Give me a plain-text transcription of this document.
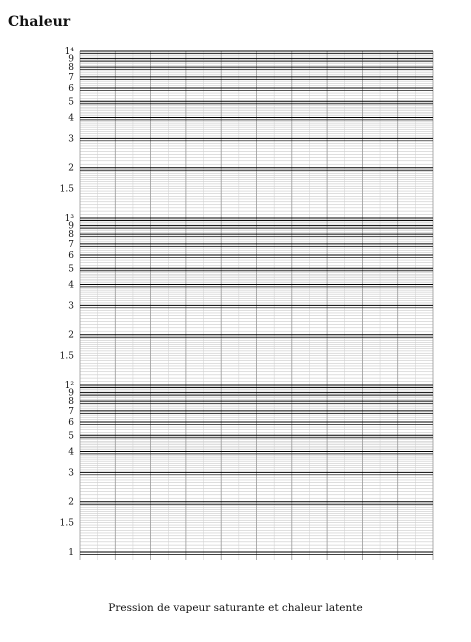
Chaleur
1
1.5
2
3
4
5
6
7
8
9
1²
1.5
2
3
4
5
6
7
8
9
1³
1.5
2
3
4
5
6
7
8
9
1⁴
Pression de vapeur saturante et chaleur latente
